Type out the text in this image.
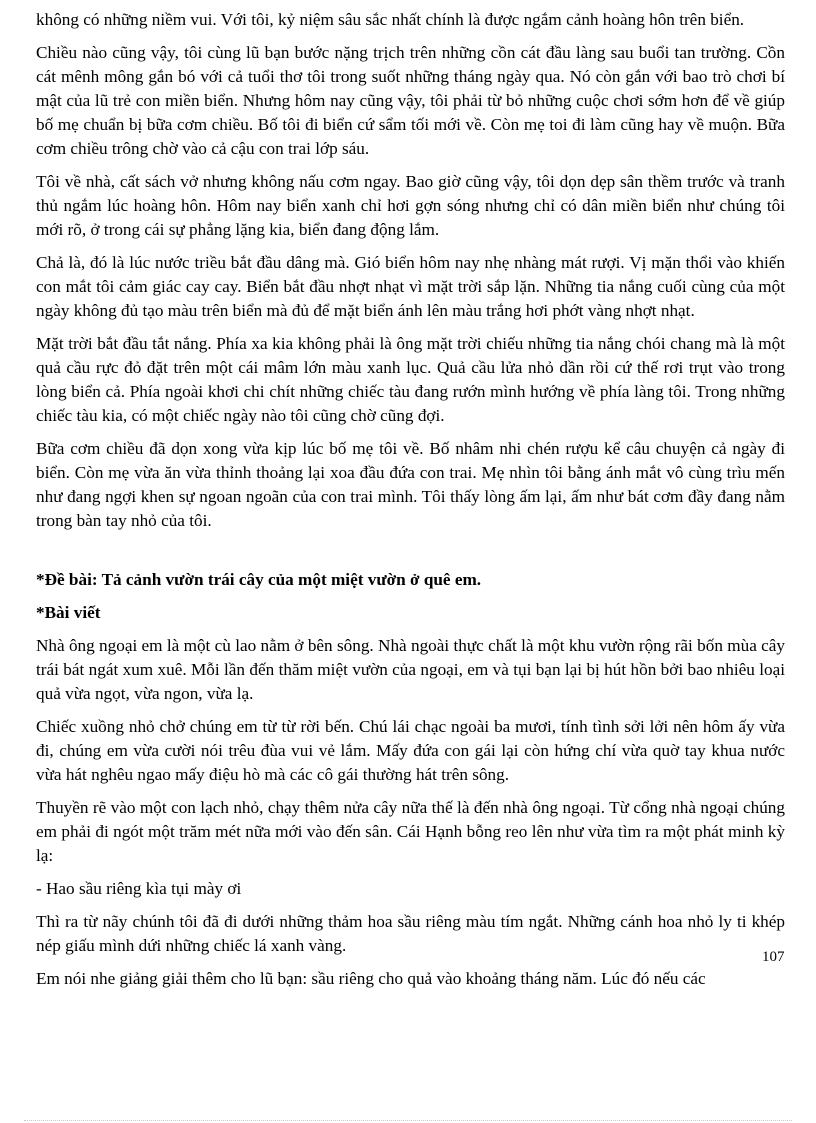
không có những niềm vui. Với tôi, kỷ niệm sâu sắc nhất chính là được ngắm cảnh hoàng hôn trên biển.

Chiều nào cũng vậy, tôi cùng lũ bạn bước nặng trịch trên những cồn cát đầu làng sau buổi tan trường. Cồn cát mênh mông gắn bó với cả tuổi thơ tôi trong suốt những tháng ngày qua. Nó còn gắn với bao trò chơi bí mật của lũ trẻ con miền biển. Nhưng hôm nay cũng vậy, tôi phải từ bỏ những cuộc chơi sớm hơn để về giúp bố mẹ chuẩn bị bữa cơm chiều. Bố tôi đi biển cứ sẩm tối mới về. Còn mẹ toi đi làm cũng hay về muộn. Bữa cơm chiều trông chờ vào cả cậu con trai lớp sáu.

Tôi về nhà, cất sách vở nhưng không nấu cơm ngay. Bao giờ cũng vậy, tôi dọn dẹp sân thềm trước và tranh thủ ngắm lúc hoàng hôn. Hôm nay biển xanh chỉ hơi gợn sóng nhưng chỉ có dân miền biển như chúng tôi mới rõ, ở trong cái sự phẳng lặng kia, biển đang động lắm.

Chả là, đó là lúc nước triều bắt đầu dâng mà. Gió biển hôm nay nhẹ nhàng mát rượi. Vị mặn thổi vào khiến con mắt tôi cảm giác cay cay. Biển bắt đầu nhợt nhạt vì mặt trời sắp lặn. Những tia nắng cuối cùng của một ngày không đủ tạo màu trên biển mà đủ để mặt biển ánh lên màu trắng hơi phớt vàng nhợt nhạt.

Mặt trời bắt đầu tắt nắng. Phía xa kia không phải là ông mặt trời chiếu những tia nắng chói chang mà là một quả cầu rực đỏ đặt trên một cái mâm lớn màu xanh lục. Quả cầu lửa nhỏ dần rồi cứ thế rơi trụt vào trong lòng biển cả. Phía ngoài khơi chi chít những chiếc tàu đang rướn mình hướng về phía làng tôi. Trong những chiếc tàu kia, có một chiếc ngày nào tôi cũng chờ cũng đợi.

Bữa cơm chiều đã dọn xong vừa kịp lúc bố mẹ tôi về. Bố nhâm nhi chén rượu kể câu chuyện cả ngày đi biển. Còn mẹ vừa ăn vừa thỉnh thoảng lại xoa đầu đứa con trai. Mẹ nhìn tôi bằng ánh mắt vô cùng trìu mến như đang ngợi khen sự ngoan ngoãn của con trai mình. Tôi thấy lòng ấm lại, ấm như bát cơm đầy đang nằm trong bàn tay nhỏ của tôi.

*Đề bài: Tả cảnh vườn trái cây của một miệt vườn ở quê em.

*Bài viết

Nhà ông ngoại em là một cù lao nằm ở bên sông. Nhà ngoài thực chất là một khu vườn rộng rãi bốn mùa cây trái bát ngát xum xuê. Mỗi lần đến thăm miệt vườn của ngoại, em và tụi bạn lại bị hút hồn bởi bao nhiêu loại quả vừa ngọt, vừa ngon, vừa lạ.

Chiếc xuồng nhỏ chở chúng em từ từ rời bến. Chú lái chạc ngoài ba mươi, tính tình sởi lởi nên hôm ấy vừa đi, chúng em vừa cười nói trêu đùa vui vẻ lắm. Mấy đứa con gái lại còn hứng chí vừa quờ tay khua nước vừa hát nghêu ngao mấy điệu hò mà các cô gái thường hát trên sông.

Thuyền rẽ vào một con lạch nhỏ, chạy thêm nửa cây nữa thế là đến nhà ông ngoại. Từ cổng nhà ngoại chúng em phải đi ngót một trăm mét nữa mới vào đến sân. Cái Hạnh bỗng reo lên như vừa tìm ra một phát minh kỳ lạ:

- Hao sầu riêng kìa tụi mày ơi

Thì ra từ nãy chúnh tôi đã đi dưới những thảm hoa sầu riêng màu tím ngắt. Những cánh hoa nhỏ ly ti khép nép giấu mình dứi những chiếc lá xanh vàng.

Em nói nhe giảng giải thêm cho lũ bạn: sầu riêng cho quả vào khoảng tháng năm. Lúc đó nếu các

107
